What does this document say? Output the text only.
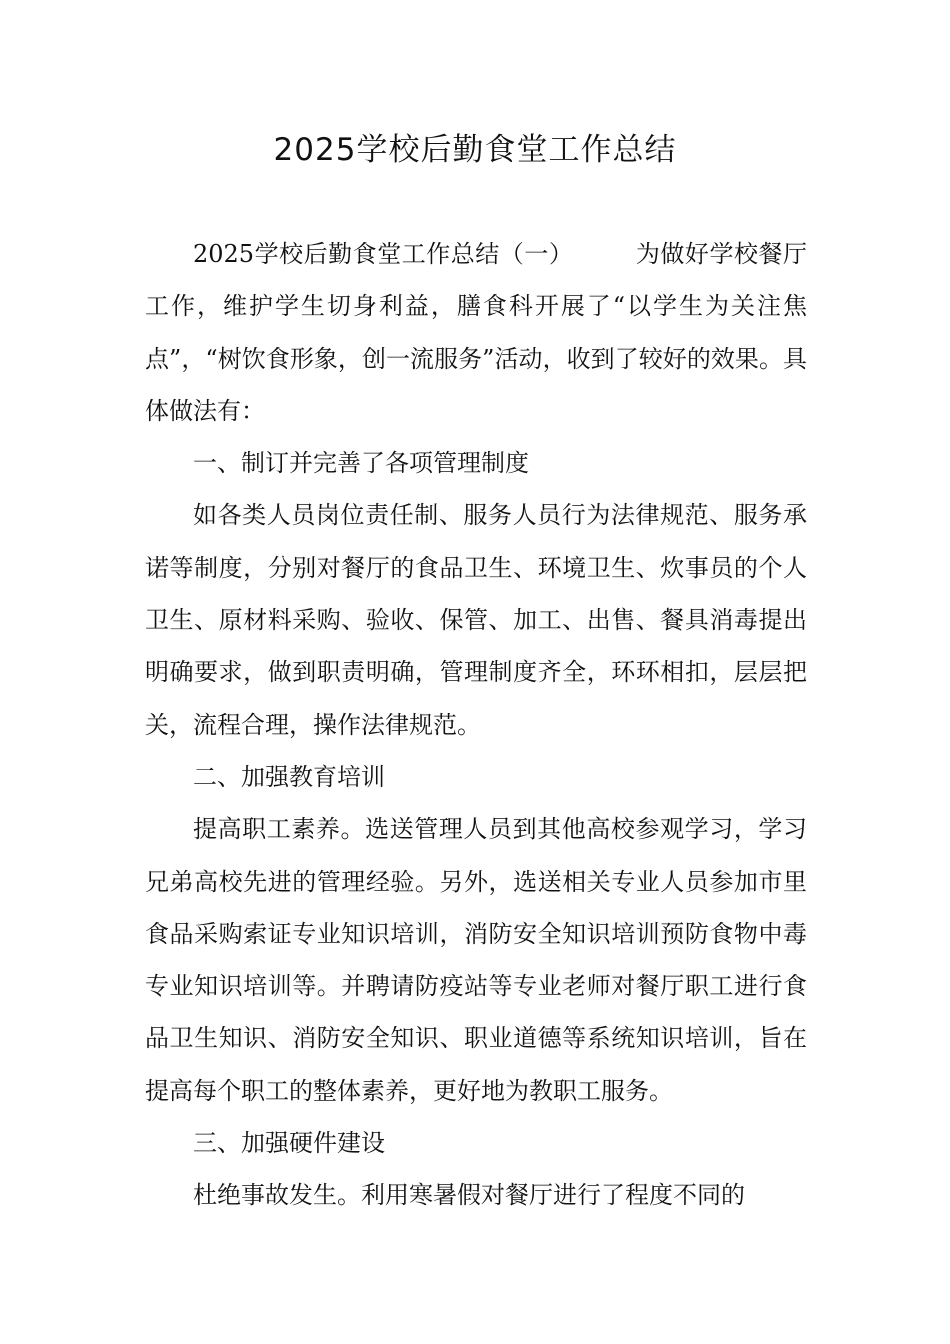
2025学校后勤食堂工作总结

2025学校后勤食堂工作总结（一）	为做好学校餐厅工作，维护学生切身利益，膳食科开展了“以学生为关注焦点”，“树饮食形象，创一流服务”活动，收到了较好的效果。具体做法有：

一、制订并完善了各项管理制度

如各类人员岗位责任制、服务人员行为法律规范、服务承诺等制度，分别对餐厅的食品卫生、环境卫生、炊事员的个人卫生、原材料采购、验收、保管、加工、出售、餐具消毒提出明确要求，做到职责明确，管理制度齐全，环环相扣，层层把关，流程合理，操作法律规范。

二、加强教育培训

提高职工素养。选送管理人员到其他高校参观学习，学习兄弟高校先进的管理经验。另外，选送相关专业人员参加市里食品采购索证专业知识培训，消防安全知识培训预防食物中毒专业知识培训等。并聘请防疫站等专业老师对餐厅职工进行食品卫生知识、消防安全知识、职业道德等系统知识培训，旨在提高每个职工的整体素养，更好地为教职工服务。

三、加强硬件建设

杜绝事故发生。利用寒暑假对餐厅进行了程度不同的
